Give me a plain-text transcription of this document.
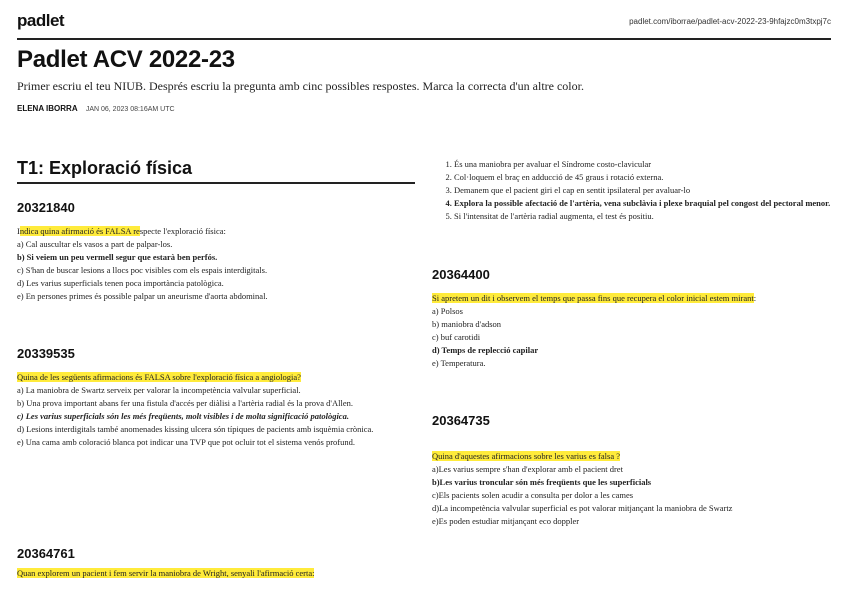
padlet	padlet.com/iborrae/padlet-acv-2022-23-9hfajzc0m3txpj7c
Padlet ACV 2022-23
Primer escriu el teu NIUB. Després escriu la pregunta amb cinc possibles respostes. Marca la correcta d'un altre color.
ELENA IBORRA JAN 06, 2023 08:16AM UTC
T1: Exploració física
20321840

Indica quina afirmació és FALSA respecte l'exploració física:

a) Cal auscultar els vasos a part de palpar-los.

b) Si veiem un peu vermell segur que estarà ben perfós.

c) S'han de buscar lesions a llocs poc visibles com els espais interdigitals.

d) Les varius superficials tenen poca importància patològica.

e) En persones primes és possible palpar un aneurisme d'aorta abdominal.

20339535

Quina de les següents afirmacions és FALSA sobre l'exploració física a angiologia?

a) La maniobra de Swartz serveix per valorar la incompetència valvular superficial.

b) Una prova important abans fer una fistula d'accés per diàlisi a l'artèria radial és la prova d'Allen.

c) Les varius superficials són les més freqüents, molt visibles i de molta significació patològica.

d) Lesions interdigitals també anomenades kissing ulcera són típiques de pacients amb isquèmia crònica.

e) Una cama amb coloració blanca pot indicar una TVP que pot ocluir tot el sistema venós profund.

20364761

Quan explorem un pacient i fem servir la maniobra de Wright, senyali l'afirmació certa:

1. És una maniobra per avaluar el Síndrome costo-clavicular
2. Col·loquem el braç en adducció de 45 graus i rotació externa.
3. Demanem que el pacient giri el cap en sentit ipsilateral per avaluar-lo
4. Explora la possible afectació de l'artèria, vena subclàvia i plexe braquial pel congost del pectoral menor.
5. Si l'intensitat de l'artèria radial augmenta, el test és positiu.
20364400

Si apretem un dit i observem el temps que passa fins que recupera el color inicial estem mirant:

a) Polsos

b) maniobra d'adson

c) buf carotidi

d) Temps de replecció capilar

e) Temperatura.

20364735

Quina d'aquestes afirmacions sobre les varius es falsa ?

a)Les varius sempre s'han d'explorar amb el pacient dret

b)Les varius troncular són més freqüents que les superficials

c)Els pacients solen acudir a consulta per dolor a les cames

d)La incompetència valvular superficial es pot valorar mitjançant la maniobra de Swartz

e)Es poden estudiar mitjançant eco doppler
